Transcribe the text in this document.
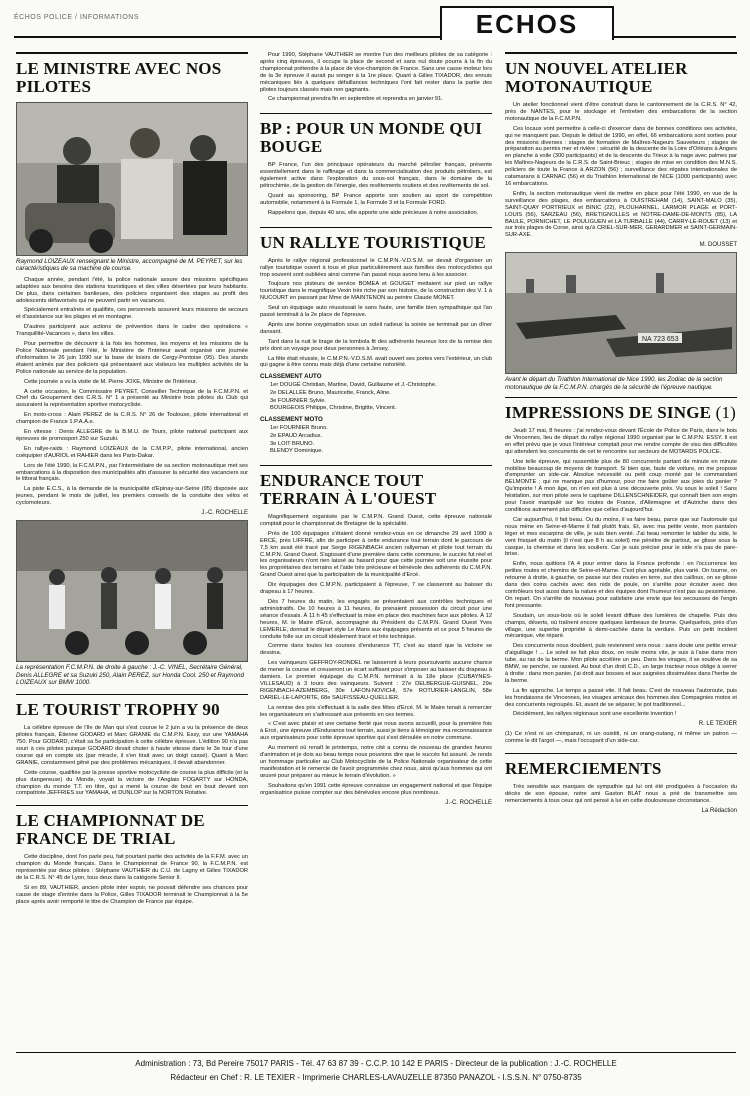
ÉCHOS POLICE / INFORMATIONS	ECHOS
LE MINISTRE AVEC NOS PILOTES
Raymond LOIZEAUX renseignant le Ministre, accompagné de M. PEYRET, sur les caractéristiques de sa machine de course.

Chaque année, pendant l'été, la police nationale assure des missions spécifiques adaptées aux besoins des stations touristiques et des villes désertées par leurs habitants. De plus, dans certaines banlieues, des policiers organisent des stages au profit des adolescents défavorisés qui ne peuvent partir en vacances.

Spécialement entraînés et qualifiés, ces personnels assurent leurs missions de secours et d'assistance sur les plages et en montagne.

D'autres participent aux actions de prévention dans le cadre des opérations « Tranquillité-Vacances », dans les villes.

Pour permettre de découvrir à la fois les hommes, les moyens et les missions de la Police Nationale pendant l'été, le Ministère de l'Intérieur avait organisé une journée d'information le 26 juin 1990 sur la base de loisirs de Cergy-Pontoise (95). Des stands étaient animés par des policiers qui présentaient aux visiteurs les multiples activités de la Police nationale au service de la population.

Cette journée a vu la visite de M. Pierre JOXE, Ministre de l'Intérieur.

A cette occasion, le Commissaire PEYRET, Conseiller Technique de la F.C.M.P.N. et Chef du Groupement des C.R.S. N° 1 a présenté au Ministre trois pilotes du Club qui assuraient la représentation sportive motocycliste.

En moto-cross : Alain PEREZ de la C.R.S. N° 26 de Toulouse, pilote international et champion de France 1.P.A.A.e.

En vitesse : Denis ALLEGRE de la B.M.U. de Tours, pilote national participant aux épreuves de promosport 250 sur Suzuki.

En rallye-raids : Raymond LOIZEAUX de la C.M.P.P., pilote international, ancien coéquipier d'AURIOL et RAHIER dans les Paris-Dakar.

Lors de l'été 1990, la F.C.M.P.N., par l'intermédiaire de sa section motonautique met ses embarcations à la disposition des municipalités afin d'assurer la sécurité des vacanciers sur le littoral français.

La piste E.C.S., à la demande de la municipalité d'Epinay-sur-Seine (95) disposée aux jeunes, pendant le mois de juillet, les premiers conseils de la conduite des vélos et cyclomoteurs.

J.-C. ROCHELLE
La représentation F.C.M.P.N. de droite à gauche : J.-C. VINEL, Secrétaire Général, Denis ALLEGRE et sa Suzuki 250, Alain PEREZ, sur Honda Cool. 250 et Raymond LOIZEAUX sur BMW 1000.
LE TOURIST TROPHY 90

La célèbre épreuve de l'Ile de Man qui s'est courue le 2 juin a vu la présence de deux pilotes français, Étienne GODARD et Marc GRANIE du C.M.P.N. Essy, sur une YAMAHA 750. Pour GODARD, c'était sa 5e participation à cette célèbre épreuve. L'édition 90 n'a pas souri à ces pilotes puisque GODARD devait chuter à haute vitesse dans le 3e tour d'une course qui en compte six (par miracle, il s'en tirait avec un doigt cassé). Quant à Marc GRANIE, constamment gêné par des problèmes mécaniques, il devait abandonner.

Cette course, qualifiée par la presse sportive motocycliste de course la plus difficile (et la plus dangereuse) du Monde, voyait la victoire de l'Anglais FOGARTY sur HONDA, champion du monde T.T. en titre, qui a mené la course de bout en bout devant son compatriote JEFFRIES sur YAMAHA, et DUNLOP sur la NORTON Rotative.

LE CHAMPIONNAT DE FRANCE DE TRIAL

Cette discipline, dont l'on parle peu, fait pourtant partie des activités de la F.F.M. avec un champion du Monde français. Dans le Championnat de France 90, la F.C.M.P.N. est représentée par deux pilotes : Stéphane VAUTHIER du C.U. de Lagny et Gilles TIXADOR de la C.R.S. N° 45 de Lyon, tous deux dans la catégorie Senior II.

Si en 89, VAUTHIER, ancien pilote inter espoir, ne pouvait défendre ses chances pour cause de stage d'entrée dans la Police, Gilles TIXADOR terminait le Championnat à la 5e place après avoir remporté le titre de Champion de France par équipe.

Pour 1990, Stéphane VAUTHIER se montre l'un des meilleurs pilotes de sa catégorie : après cinq épreuves, il occupe la place de second et sans nul doute pourra à la fin du championnat prétendre à la place de vice-champion de France. Sans une casse moteur lors de la 3e épreuve il aurait pu songer à la 1re place. Quant à Gilles TIXADOR, des ennuis mécaniques liés à quelques défaillances techniques l'ont fait rester dans la partie des pilotes toujours classés mais non gagnants.

Ce championnat prendra fin en septembre et reprendra en janvier 91.

BP : POUR UN MONDE QUI BOUGE

BP France, l'un des principaux opérateurs du marché pétrolier français, présente essentiellement dans le raffinage et dans la commercialisation des produits pétroliers, est également active dans l'exploration du sous-sol français, dans le domaine de la pétrochimie, de la gestion de l'énergie, des revêtements routiers et des revêtements de sol.

Quant au sponsoring, BP France apporte son soutien au sport de compétition automobile, notamment à la Formule 1, la Formule 3 et la Formule FORD.

Rappelons que, depuis 40 ans, elle apporte une aide précieuse à notre association.

UN RALLYE TOURISTIQUE

Après le rallye régional professionnel le C.M.P.N.-V.D.S.M. se devait d'organiser un rallye touristique ouvert à tous et plus particulièrement aux familles des motocyclistes qui trop souvent sont oubliées ainsi comme l'an passé nous avons tenu à les associer.

Toujours nos pisteurs de service BOMEA et GOUGET mettaient sur pied un rallye touristique dans le magnifique Vexin très riche par son histoire, de la construction des V. 1 à NUCOURT en passant par Mme de MAINTENON au peintre Claude MONET.

Seul un équipage auto réussissait le sans faute, une famille bien sympathique qui l'an passé terminait à la 2e place de l'épreuve.

Après une bonne oxygénation sous un soleil radieux la soirée se terminait par un dîner dansant.

Tard dans la nuit le tirage de la tombola fit des adhérents heureux lors de la remise des prix dont un voyage pour deux personnes à Jersey.

La fête était réussie, le C.M.P.N.-V.D.S.M. avait ouvert ses portes vers l'extérieur, un club qui gagne à être connu mais déjà d'une certaine notoriété.

CLASSEMENT AUTO
1er DOUGÉ Christian, Martine, David, Guillaume et J.-Christophe.
2e DELALLÉE Bruno, Mauricette, Franck, Aline.
3e FOURNIER Sylvie.
BOURGEOIS Philippe, Christine, Brigitte, Vincent.
CLASSEMENT MOTO
1er FOURNIER Bruno.
2e EPAUD Arcadius.
3e LOIT BRUNO.
BLENDY Dominique.
ENDURANCE TOUT TERRAIN À L'OUEST

Magnifiquement organisée par le C.M.P.N. Grand Ouest, cette épreuve nationale comptait pour le championnat de Bretagne de la spécialité.

Près de 100 équipages s'étaient donné rendez-vous en ce dimanche 29 avril 1990 à ERCÉ, près LIFFRÉ, afin de participer à cette endurance tout terrain dont le parcours de 7,5 km avait été tracé par Serge RIGENBACH ancien rallyeman et pilote tout terrain du C.M.P.N. Grand Ouest. S'agissant d'une première dans cette commune, le succès fut réel et les organisateurs n'ont rien laissé au hasard pour que cette journée soit une réussite pour les propriétaires des terrains et l'aide très précieuse et bénévole des adhérents du C.M.P.N. Grand Ouest ainsi que la participation de la municipalité d'Ercé.

Dix équipages des C.M.P.N. participaient à l'épreuve, 7 se classeront au baisser du drapeau à 17 heures.

Dès 7 heures du matin, les engagés se présentaient aux contrôles techniques et administratifs. De 10 heures à 11 heures, ils prenaient possession du circuit pour une séance d'essais. À 11 h 45 s'effectuait la mise en place des machines face aux pilotes. À 12 heures, M. le Maire d'Ercé, accompagné du Président du C.M.P.N. Grand Ouest Yves LEMERLE, donnait le départ style Le Mans aux équipages présents et ce pour 5 heures de conduite folle sur un circuit idéalement tracé et très technique.

Comme dans toutes les courses d'endurance TT, c'est au stand que la victoire se dessina.

Les vainqueurs GEFFROY-RONDEL ne laisseront à leurs poursuivants aucune chance de mener la course et creuseront un écart suffisant pour s'imposer au baisser du drapeau à damiers. Le premier équipage du C.M.P.N. terminait à la 18e place (CUBAYNES-VILLESAUD) à 3 tours des vainqueurs. Suivent : 27e DELBERGUE-GUISNEL, 29e RIGENBACH-AZEMBERG, 30e LAFON-NOVICHI, 57e ROTURIER-LANGLIN, 58e DARIEL-LE-LAPORTE, 68e SAUFISSEAU-QUELLIER.

La remise des prix s'effectuait à la salle des fêtes d'Ercé. M. le Maire tenait à remercier les organisateurs en s'adressant aux présents en ces termes.

« C'est avec plaisir et une certaine fierté que nous avons accueilli, pour la première fois à Ercé, une épreuve d'Endurance tout terrain, aussi je tiens à témoigner ma reconnaissance aux organisateurs pour cette épreuve sportive qui s'est déroulée en notre commune.

Au moment où renaît le printemps, notre cité a connu de nouveau de grandes heures d'animation et je dois au beau temps nous pouvions dire que le succès fut assuré. Je rends un hommage particulier au Club Motocycliste de la Police Nationale organisateur de cette manifestation et le remercie de l'avoir programmée chez nous, ainsi qu'aux hommes qui ont œuvré pour préparer au mieux le terrain d'évolution. »

Souhaitons qu'en 1991 cette épreuve connaisse un engagement national et que l'équipe organisatrice puisse compter sur des bénévoles encore plus nombreux.

J.-C. ROCHELLE
UN NOUVEL ATELIER MOTONAUTIQUE

Un atelier fonctionnel vient d'être construit dans le cantonnement de la C.R.S. N° 42, près de NANTES, pour le stockage et l'entretien des embarcations de la section motonautique de la F.C.M.P.N.

Ces locaux vont permettre à celle-ci d'exercer dans de bonnes conditions ses activités, qui ne manquent pas. Depuis le début de 1990, en effet, 66 embarcations sont sorties pour des missions diverses : stages de formation de Maîtres-Nageurs Sauveteurs ; stages de préparation au permis mer et rivière ; sécurité de la descente de la Loire d'Orléans à Angers en planche à voile (300 participants) et de la descente du Trieux à la nage avec palmes par les Maîtres-Nageurs de la C.R.S. de Saint-Brieuc ; stages de mise en condition des M.N.S. policiers de toute la France à ARZON (56) ; surveillance des régates internationales de catamarans à CARNAC (56) et du Triathlon International de NICE (1000 participants) avec 16 embarcations.

Enfin, la section motonautique vient de mettre en place pour l'été 1990, en vue de la surveillance des plages, des embarcations à OUISTREHAM (14), SAINT-MALO (35), SAINT-QUAY PORTRIEUX et BINIC (22), PLOUHARNEL, LARMOR PLAGE et PORT-LOUIS (56), SARZEAU (56), BRETIGNOLLES et NOTRE-DAME-DE-MONTS (85), LA BAULE, PORNICHET, LE POULIGUEN et LA TURBALLE (44), CARRY-LE-ROUET (13) et sur trois plages de Corse, ainsi qu'à CRIEL-SUR-MER, GERARDMER et SAINT-GERMAIN-SUR-AXE.

M. DOUSSET
NA 723 653
Avant le départ du Triathlon International de Nice 1990, les Zodiac de la section motonautique de la F.C.M.P.N. chargés de la sécurité de l'épreuve nautique.
IMPRESSIONS DE SINGE (1)

Jeudi 17 mai, 8 heures : j'ai rendez-vous devant l'École de Police de Paris, dans le bois de Vincennes, lieu de départ du rallye régional 1990 organisé par le C.M.P.N. ESSY. Il est en effet prévu que je vous l'intérieur comptait pour me rendre compte de visu des difficultés qui attendent les concurrents de cet te rencontre sur secteurs de MOTARDS POLICE.

Une telle épreuve, qui rassemble plus de 80 concurrents partant de minute en minute mobilise beaucoup de moyens de transport. Si bien que, faute de voiture, on me propose d'emprunter un side-car. Absolue nécessité ou petit coup monté par le commandant BELMONTE ; qui ne manque pas d'humour, pour me faire goûter aux joies du panier ? Qu'importe ! À mon âge, on n'en est plus à une découverte près. Vu sous le soleil ! Sans hésitation, sur mon pilote sera le capitaine DILLENSCHNEIDER, qui connaît bien son engin pour l'avoir manipulé sur les routes de France, d'Allemagne et d'Autriche dans des conditions autrement plus difficiles que celles d'aujourd'hui.

Car aujourd'hui, il fait beau. Ou du moins, il va faire beau, parce que sur l'autoroute qui nous mène en Seine-et-Marne il fait plutôt frais. Et, avec ma petite veste, mon pantalon léger et mes escarpins de ville, je suis bien venté. J'ai beau remonter le tablier du side, le vent frisquet du matin (il n'est que 8 h au soleil) me pénètre de partout, se glisse sous la casque, la chemise et dans les souliers. Car je suis précisé pour le side n'a pas de pare-brise.

Enfin, nous quittons l'A 4 pour entrer dans la France profonde : en l'occurrence les petites routes et chemins de Seine-et-Marne. C'est plus agréable, plus varié. On tourne, on retourne à droite, à gauche, on passe sur des routes en terre, sur des cailloux, on se glisse dans des coins cachés avec des nids de poule, on s'arrête pour écouter avec des contrôleurs tout aussi dans la nature et des équipes dont l'humeur n'est pas au pessimisme. On repart. On s'arrête de nouveau pour satisfaire une envie que les secousses de l'engin font pressante.

Soudain, un sous-bois où le soleil levant diffuse des lumières de chapelle. Puis des champs, déserts, où traînent encore quelques lambeaux de brume. Quelquefois, près d'un village, une superbe propriété à demi-cachée dans la verdure. Puis un petit incident mécanique, vite réparé.

Des concurrents nous doublent, puis reviennent vers nous : sans doute une petite erreur d'aiguillage ! ... Le soleil se fait plus doux, on roule moins vite, je suis à l'aise dans mon tube, au ras de la berme. Mon pilote accélère un peu. Dans les virages, il se soulève de sa BMW, se penche, se rassied. Au bout d'un droit C.D., un large tracteur nous oblige à serrer à droite : dans mon panier, j'ai droit aux bosses et aux saignées dissimulées dans l'herbe de la berme.

La fin approche. Le temps a passé vite. Il fait beau. C'est de nouveau l'autoroute, puis les frondaisons de Vincennes, les visages amicaux des hommes des Compagnies motos et des concurrents regroupés. Et, avant de se séparer, le pot traditionnel...

Décidément, les rallyes régionaux sont une excellente invention !

R. LE TEXIER

(1) Ce n'est ni un chimpanzé, ni un ouistiti, ni un orang-outang, ni même un patron — comme le dit l'argot —, mais l'occupant d'un side-car.

REMERCIEMENTS

Très sensible aux marques de sympathie qui lui ont été prodiguées à l'occasion du décès de son épouse, notre ami Gaston BLAT nous a prié de transmettre ses remerciements à tous ceux qui ont pensé à lui en cette douloureuse circonstance.

La Rédaction
Administration : 73, Bd Pereire 75017 PARIS - Tél. 47 63 87 39 - C.C.P. 10 142 E PARIS - Directeur de la publication : J.-C. ROCHELLE
Rédacteur en Chef : R. LE TEXIER - Imprimerie CHARLES-LAVAUZELLE 87350 PANAZOL - I.S.S.N. N° 0750-8735
